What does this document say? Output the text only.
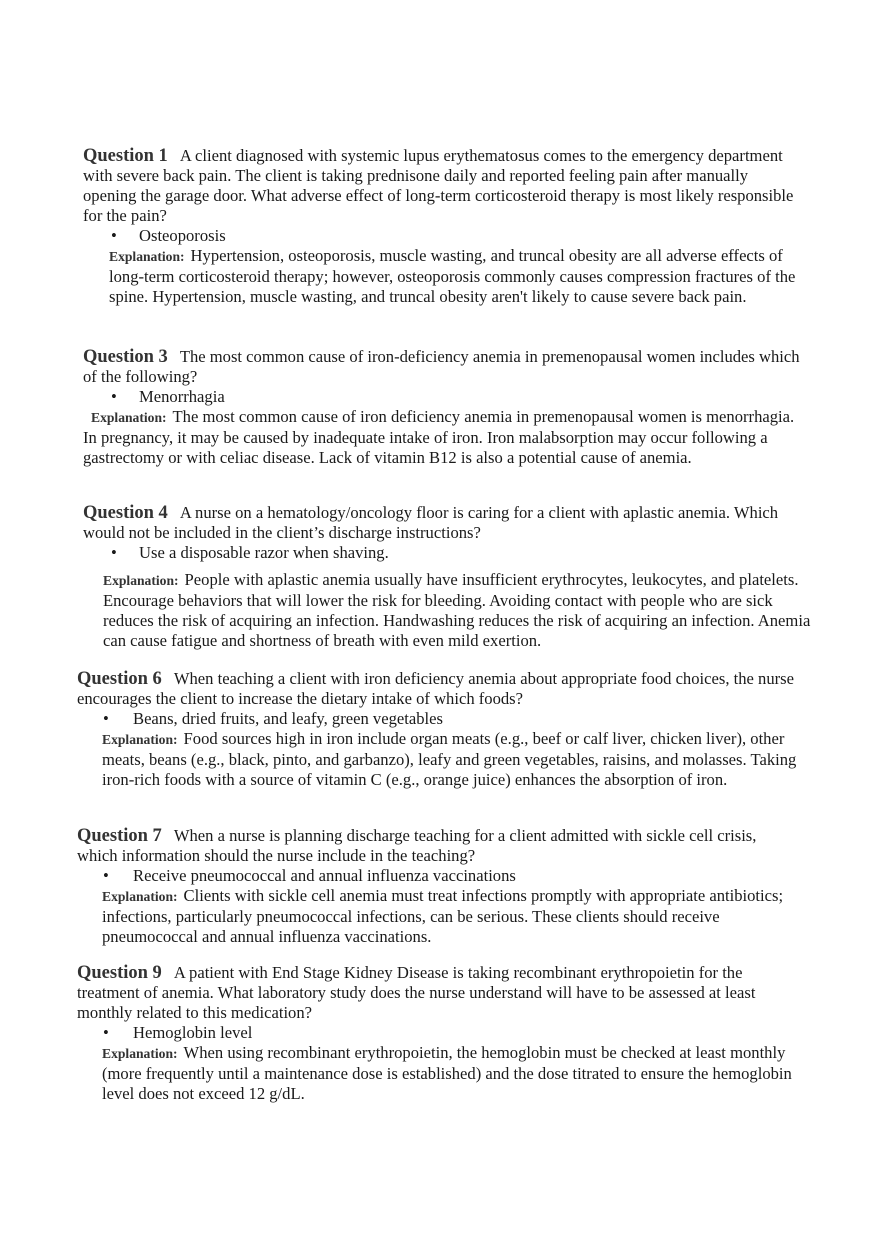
Question 1 A client diagnosed with systemic lupus erythematosus comes to the emergency department with severe back pain. The client is taking prednisone daily and reported feeling pain after manually opening the garage door. What adverse effect of long-term corticosteroid therapy is most likely responsible for the pain?

• Osteoporosis

Explanation: Hypertension, osteoporosis, muscle wasting, and truncal obesity are all adverse effects of long-term corticosteroid therapy; however, osteoporosis commonly causes compression fractures of the spine. Hypertension, muscle wasting, and truncal obesity aren't likely to cause severe back pain.

Question 3 The most common cause of iron-deficiency anemia in premenopausal women includes which of the following?

• Menorrhagia

Explanation: The most common cause of iron deficiency anemia in premenopausal women is menorrhagia. In pregnancy, it may be caused by inadequate intake of iron. Iron malabsorption may occur following a gastrectomy or with celiac disease. Lack of vitamin B12 is also a potential cause of anemia.

Question 4 A nurse on a hematology/oncology floor is caring for a client with aplastic anemia. Which would not be included in the client’s discharge instructions?

• Use a disposable razor when shaving.

Explanation: People with aplastic anemia usually have insufficient erythrocytes, leukocytes, and platelets. Encourage behaviors that will lower the risk for bleeding. Avoiding contact with people who are sick reduces the risk of acquiring an infection. Handwashing reduces the risk of acquiring an infection. Anemia can cause fatigue and shortness of breath with even mild exertion.

Question 6 When teaching a client with iron deficiency anemia about appropriate food choices, the nurse encourages the client to increase the dietary intake of which foods?

• Beans, dried fruits, and leafy, green vegetables

Explanation: Food sources high in iron include organ meats (e.g., beef or calf liver, chicken liver), other meats, beans (e.g., black, pinto, and garbanzo), leafy and green vegetables, raisins, and molasses. Taking iron-rich foods with a source of vitamin C (e.g., orange juice) enhances the absorption of iron.

Question 7 When a nurse is planning discharge teaching for a client admitted with sickle cell crisis, which information should the nurse include in the teaching?

• Receive pneumococcal and annual influenza vaccinations

Explanation: Clients with sickle cell anemia must treat infections promptly with appropriate antibiotics; infections, particularly pneumococcal infections, can be serious. These clients should receive pneumococcal and annual influenza vaccinations.

Question 9 A patient with End Stage Kidney Disease is taking recombinant erythropoietin for the treatment of anemia. What laboratory study does the nurse understand will have to be assessed at least monthly related to this medication?

• Hemoglobin level

Explanation: When using recombinant erythropoietin, the hemoglobin must be checked at least monthly (more frequently until a maintenance dose is established) and the dose titrated to ensure the hemoglobin level does not exceed 12 g/dL.
